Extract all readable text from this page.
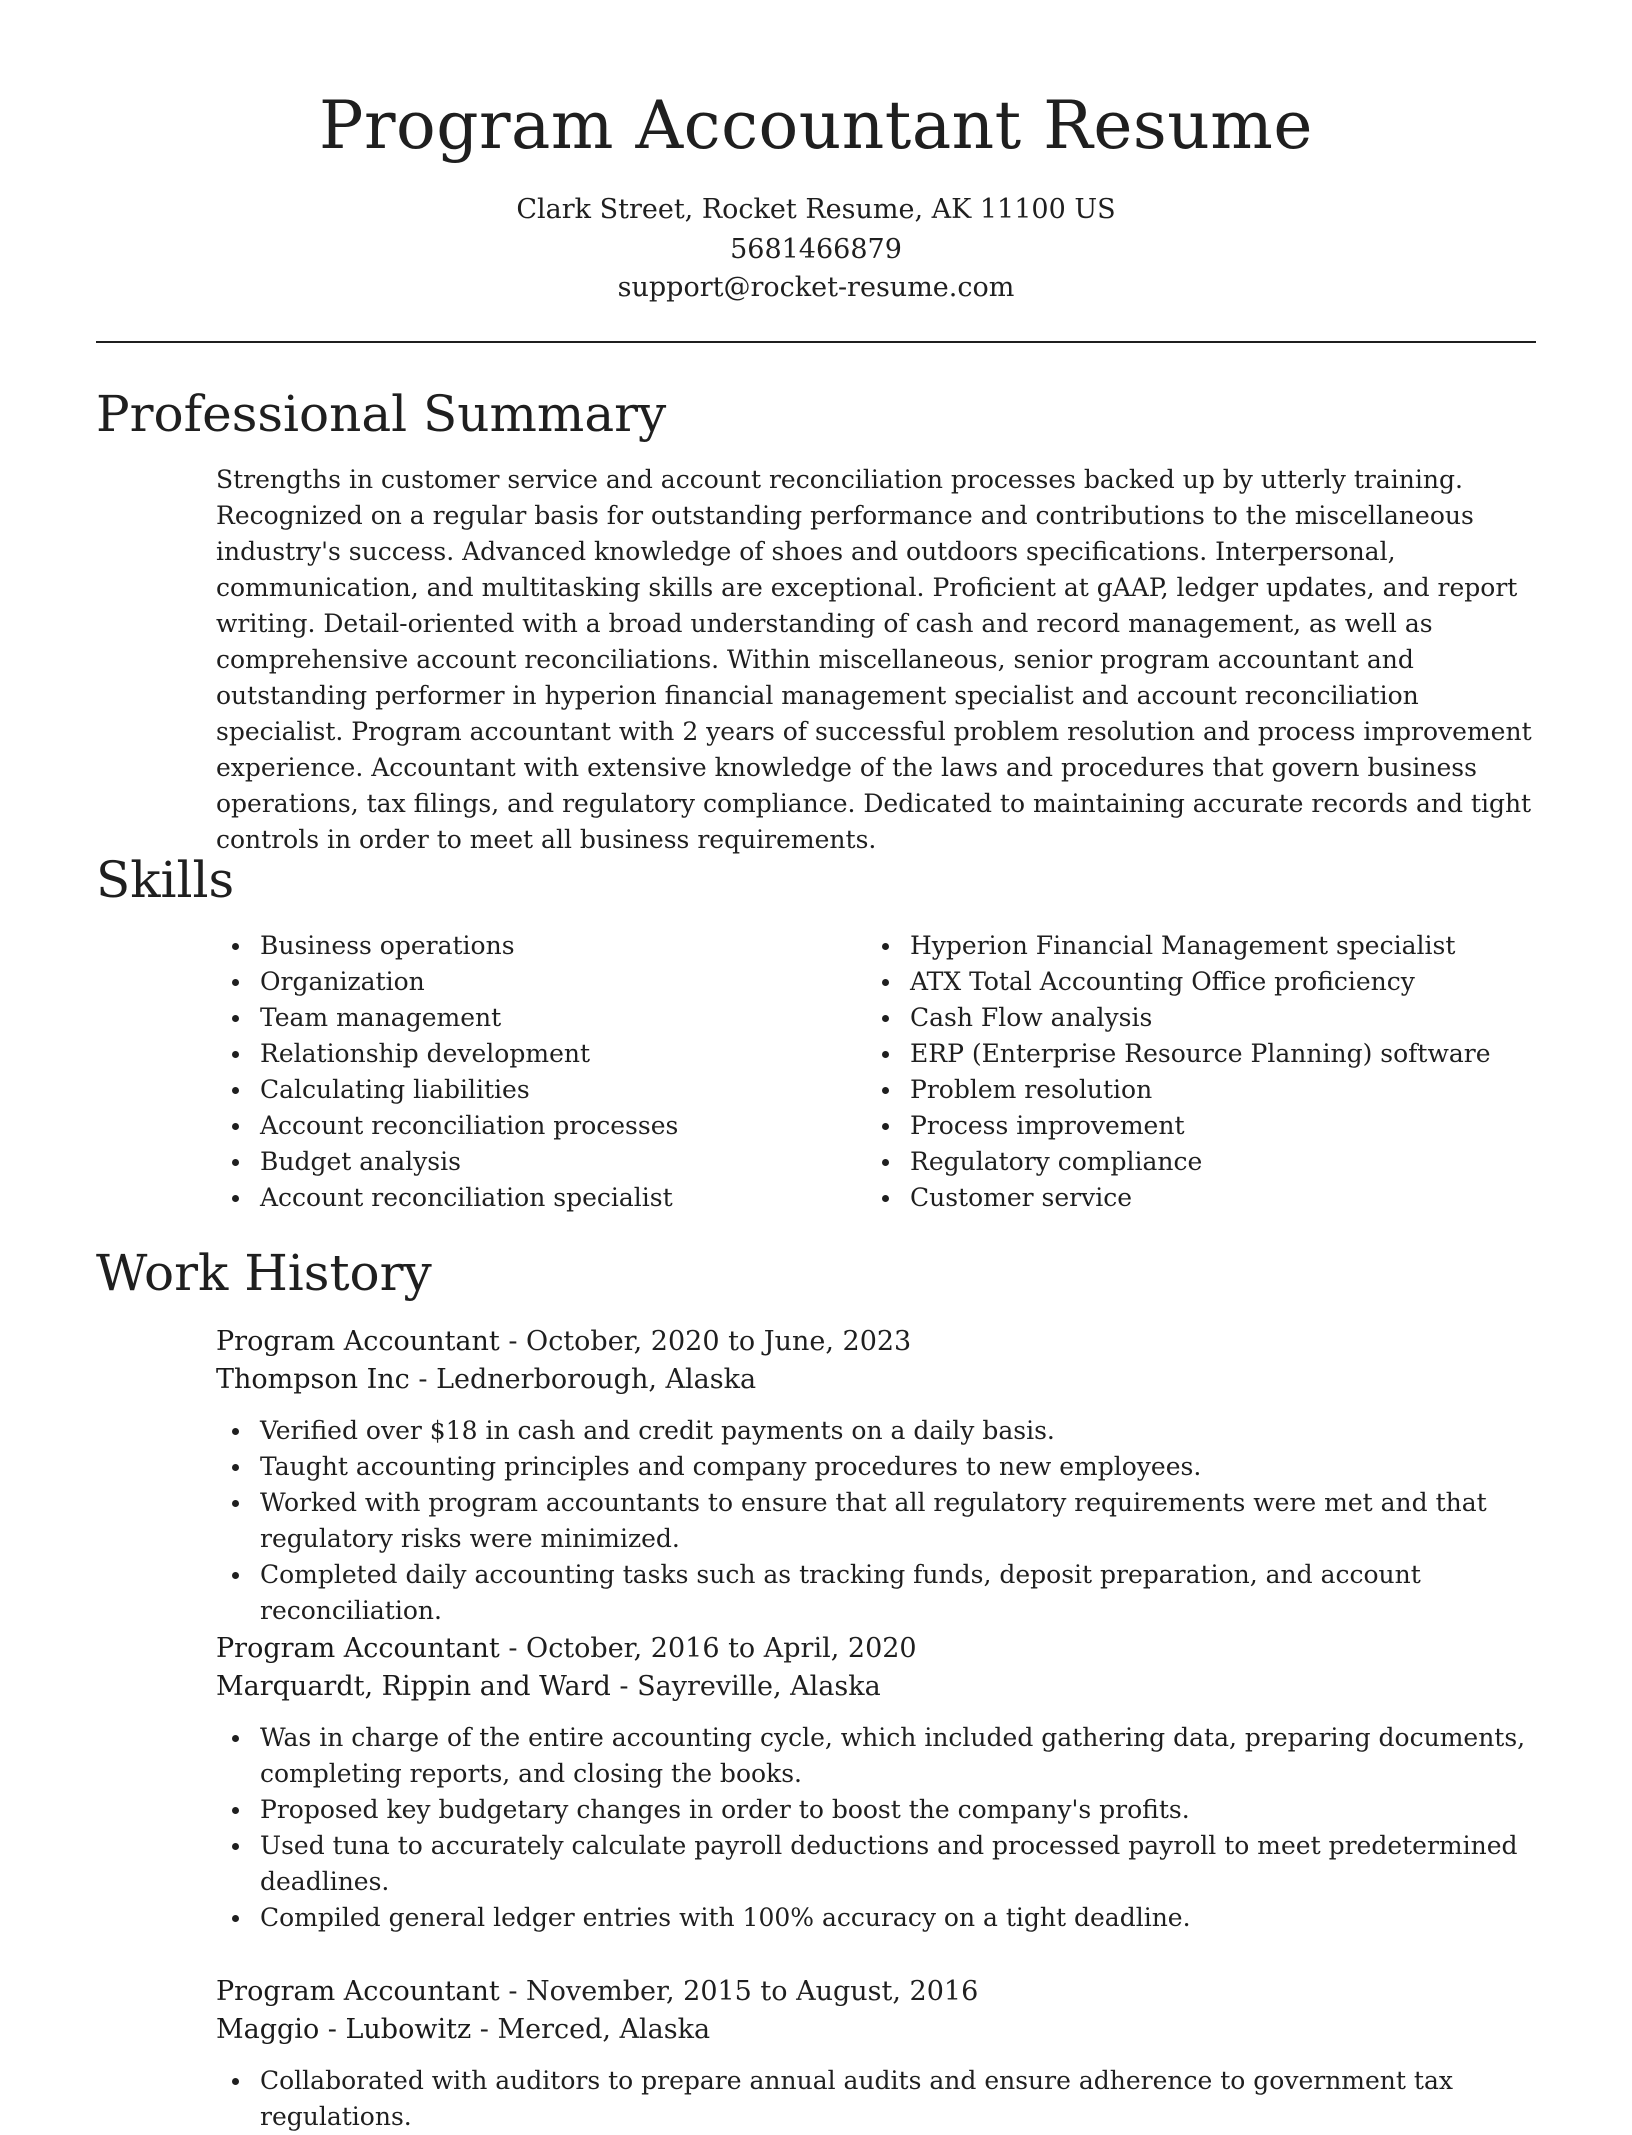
Program Accountant Resume
Clark Street, Rocket Resume, AK 11100 US
5681466879
support@rocket-resume.com
Professional Summary

Strengths in customer service and account reconciliation processes backed up by utterly training. Recognized on a regular basis for outstanding performance and contributions to the miscellaneous industry's success. Advanced knowledge of shoes and outdoors specifications. Interpersonal, communication, and multitasking skills are exceptional. Proficient at gAAP, ledger updates, and report writing. Detail-oriented with a broad understanding of cash and record management, as well as comprehensive account reconciliations. Within miscellaneous, senior program accountant and outstanding performer in hyperion financial management specialist and account reconciliation specialist. Program accountant with 2 years of successful problem resolution and process improvement experience. Accountant with extensive knowledge of the laws and procedures that govern business operations, tax filings, and regulatory compliance. Dedicated to maintaining accurate records and tight controls in order to meet all business requirements.

Skills
Business operations
Organization
Team management
Relationship development
Calculating liabilities
Account reconciliation processes
Budget analysis
Account reconciliation specialist
Hyperion Financial Management specialist
ATX Total Accounting Office proficiency
Cash Flow analysis
ERP (Enterprise Resource Planning) software
Problem resolution
Process improvement
Regulatory compliance
Customer service
Work History
Program Accountant - October, 2020 to June, 2023
Thompson Inc - Lednerborough, Alaska
Verified over $18 in cash and credit payments on a daily basis.
Taught accounting principles and company procedures to new employees.
Worked with program accountants to ensure that all regulatory requirements were met and that regulatory risks were minimized.
Completed daily accounting tasks such as tracking funds, deposit preparation, and account reconciliation.
Program Accountant - October, 2016 to April, 2020
Marquardt, Rippin and Ward - Sayreville, Alaska
Was in charge of the entire accounting cycle, which included gathering data, preparing documents, completing reports, and closing the books.
Proposed key budgetary changes in order to boost the company's profits.
Used tuna to accurately calculate payroll deductions and processed payroll to meet predetermined deadlines.
Compiled general ledger entries with 100% accuracy on a tight deadline.
Program Accountant - November, 2015 to August, 2016
Maggio - Lubowitz - Merced, Alaska
Collaborated with auditors to prepare annual audits and ensure adherence to government tax regulations.
